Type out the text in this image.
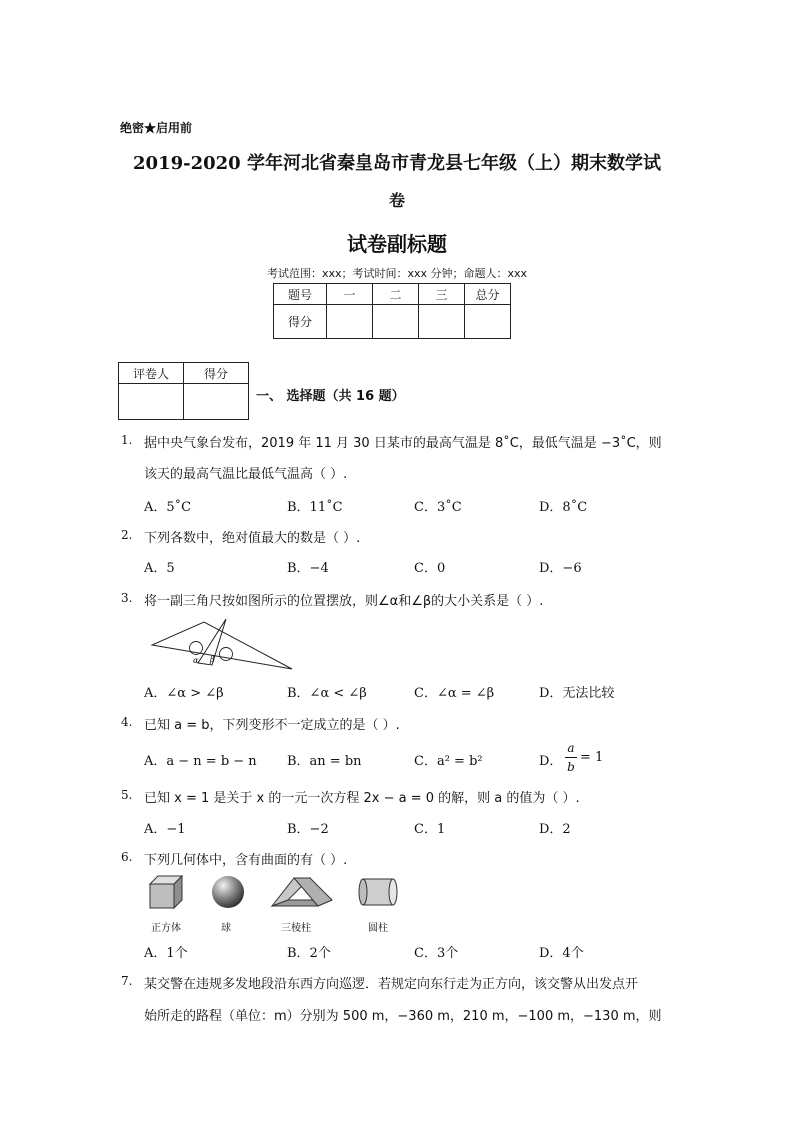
绝密★启用前
2019-2020 学年河北省秦皇岛市青龙县七年级（上）期末数学试
卷
试卷副标题
考试范围：xxx；考试时间：xxx 分钟；命题人：xxx
题号	一	二	三	总分
得分				
评卷人	得分

一、 选择题（共 16 题）
1. 据中央气象台发布，2019 年 11 月 30 日某市的最高气温是 8˚C，最低气温是 −3˚C，则
该天的最高气温比最低气温高（ ）.
A．5˚C	B．11˚C	C．3˚C	D．8˚C
2. 下列各数中，绝对值最大的数是（ ）.
A．5	B．−4	C．0	D．−6
3. 将一副三角尺按如图所示的位置摆放，则∠α和∠β的大小关系是（ ）.
α β
A．∠α > ∠β	B．∠α < ∠β	C．∠α = ∠β	D．无法比较
4. 已知 a = b，下列变形不一定成立的是（ ）.
A．a − n = b − n B．an = bn	C．a² = b²	D．
a
b
= 1
5. 已知 x = 1 是关于 x 的一元一次方程 2x − a = 0 的解，则 a 的值为（ ）.
A．−1	B．−2	C．1	D．2
6. 下列几何体中，含有曲面的有（ ）.
正方体	球	三棱柱	圆柱
A．1个	B．2个	C．3个	D．4个
7. 某交警在违规多发地段沿东西方向巡逻．若规定向东行走为正方向，该交警从出发点开
始所走的路程（单位：m）分别为 500 m，−360 m，210 m，−100 m，−130 m，则
